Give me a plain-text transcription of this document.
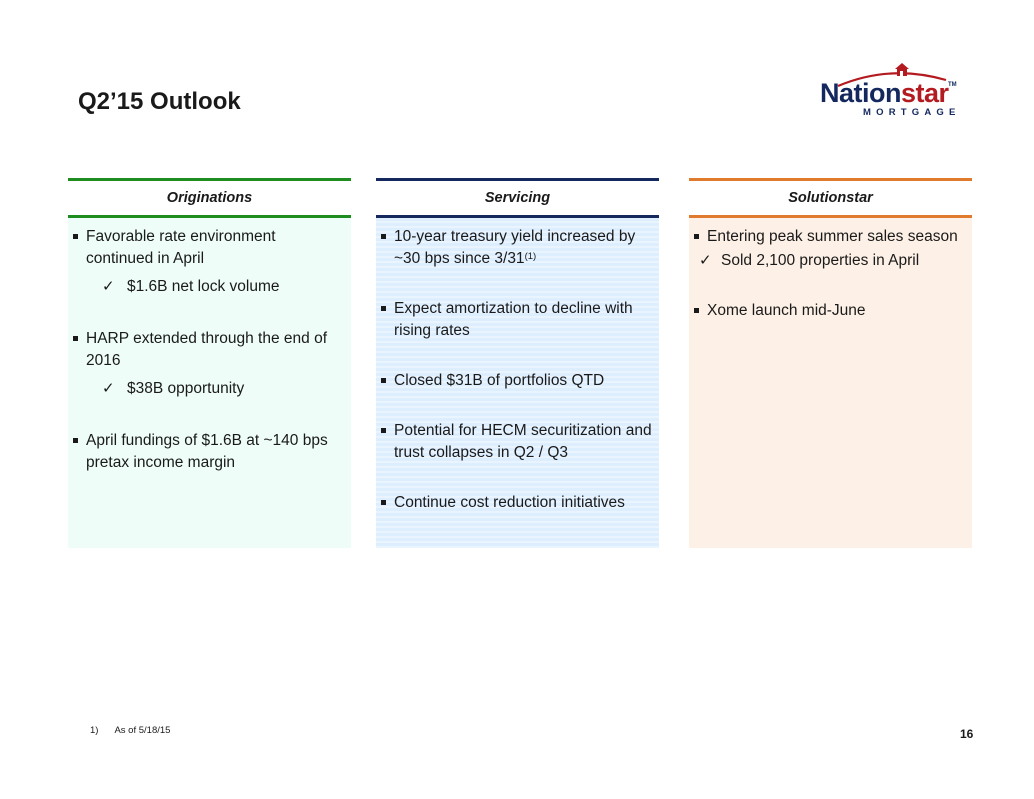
Q2’15 Outlook	Nationstar TM
MORTGAGE
Originations
Favorable rate environment continued in April
✓ $1.6B net lock volume
HARP extended through the end of 2016
✓ $38B opportunity
April fundings of $1.6B at ~140 bps pretax income margin
Servicing
10-year treasury yield increased by ~30 bps since 3/31$^{(1)}$
Expect amortization to decline with rising rates
Closed $31B of portfolios QTD
Potential for HECM securitization and trust collapses in Q2 / Q3
Continue cost reduction initiatives
Solutionstar
Entering peak summer sales season
✓ Sold 2,100 properties in April
Xome launch mid-June
1) As of 5/18/15	16
